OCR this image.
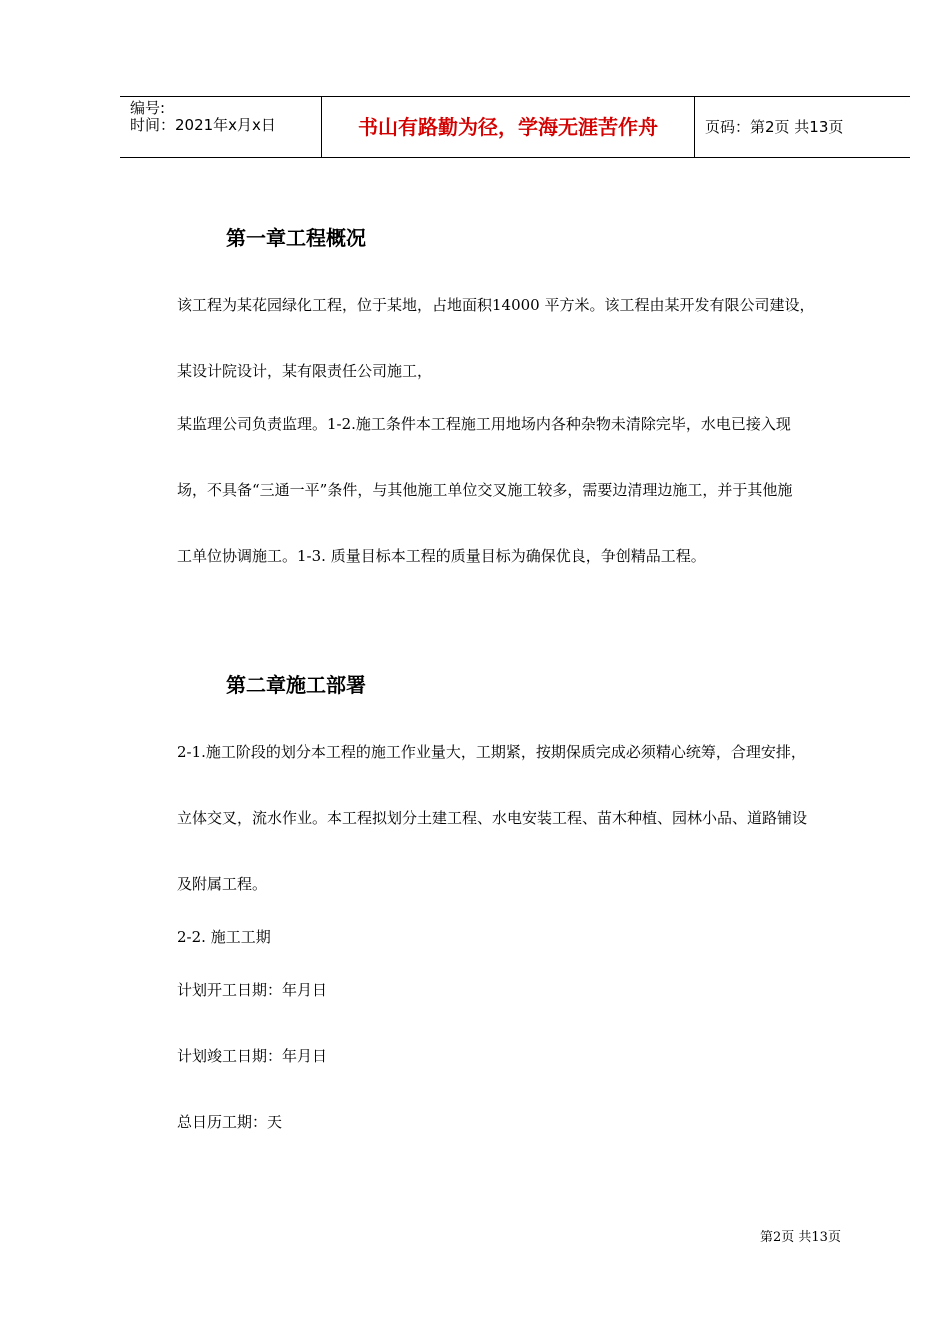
编号:
时间：2021年x月x日	书山有路勤为径，学海无涯苦作舟	页码：第2页 共13页
第一章工程概况
该工程为某花园绿化工程，位于某地，占地面积14000 平方米。该工程由某开发有限公司建设，
某设计院设计，某有限责任公司施工，
某监理公司负责监理。1-2.施工条件本工程施工用地场内各种杂物未清除完毕，水电已接入现
场，不具备“三通一平”条件，与其他施工单位交叉施工较多，需要边清理边施工，并于其他施
工单位协调施工。1-3. 质量目标本工程的质量目标为确保优良，争创精品工程。
第二章施工部署
2-1.施工阶段的划分本工程的施工作业量大，工期紧，按期保质完成必须精心统筹，合理安排，
立体交叉，流水作业。本工程拟划分土建工程、水电安装工程、苗木种植、园林小品、道路铺设
及附属工程。
2-2. 施工工期
计划开工日期：年月日
计划竣工日期：年月日
总日历工期：天
第2页 共13页
